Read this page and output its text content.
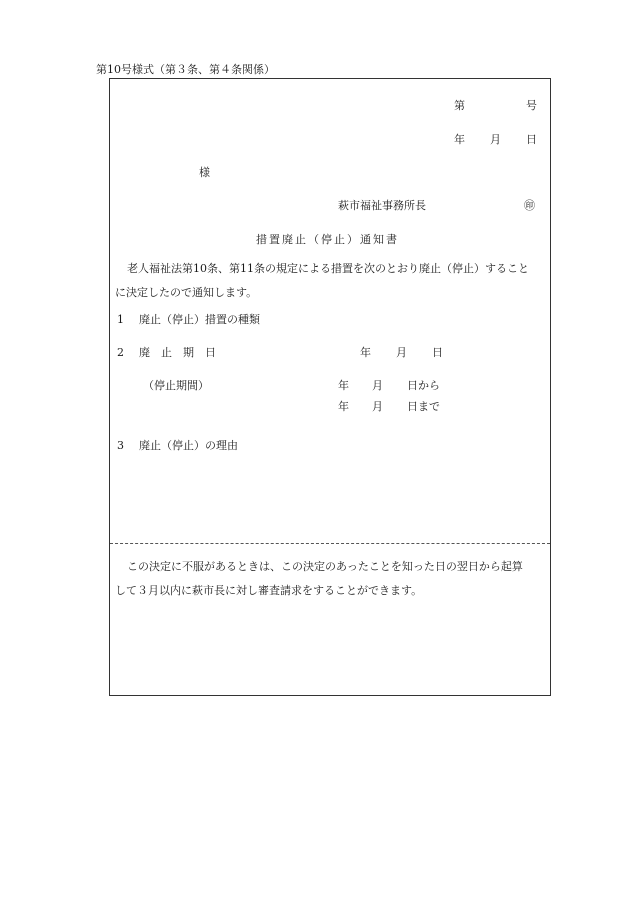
第10号様式（第３条、第４条関係）
第	号
年 月 日
様
萩市福祉事務所長	㊞
措置廃止（停止）通知書
老人福祉法第10条、第11条の規定による措置を次のとおり廃止（停止）すること
に決定したので通知します。
1 廃止（停止）措置の種類
2 廃　止　期　日	年 月 日
（停止期間）	年 月 日から
年 月 日まで
3 廃止（停止）の理由
この決定に不服があるときは、この決定のあったことを知った日の翌日から起算
して３月以内に萩市長に対し審査請求をすることができます。
